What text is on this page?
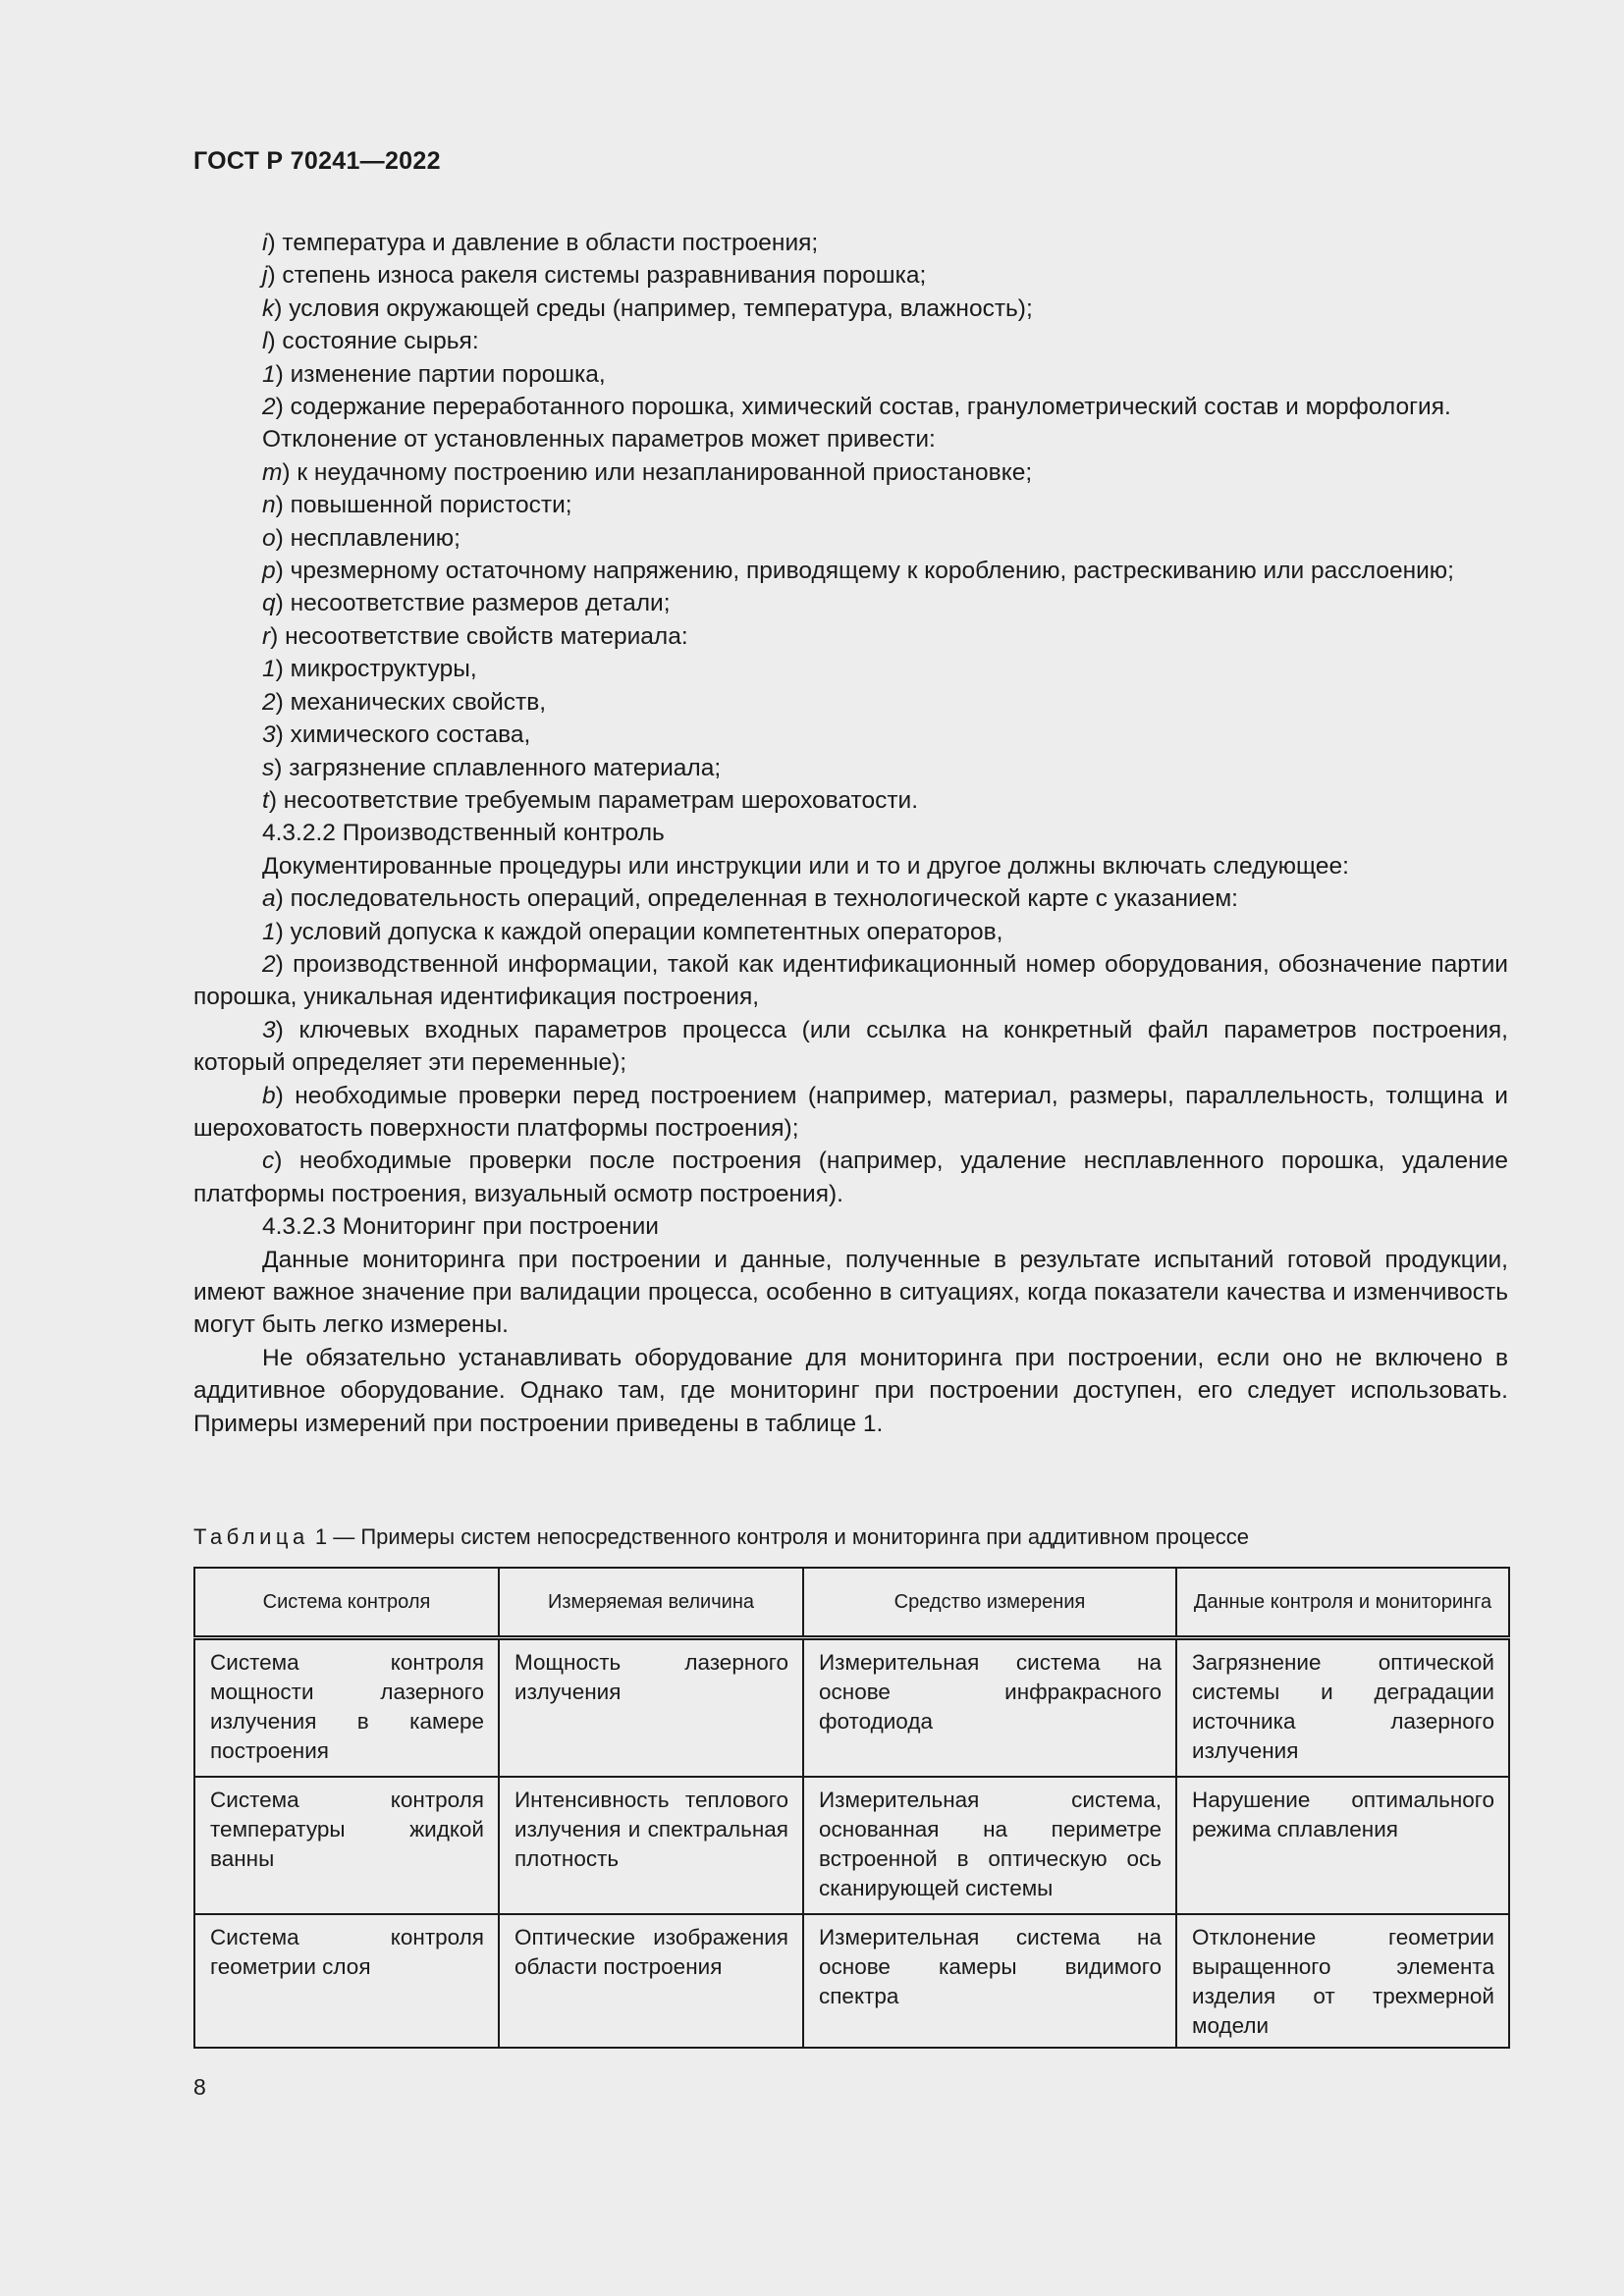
ГОСТ Р 70241—2022

i) температура и давление в области построения;

j) степень износа ракеля системы разравнивания порошка;

k) условия окружающей среды (например, температура, влажность);

l) состояние сырья:

1) изменение партии порошка,

2) содержание переработанного порошка, химический состав, гранулометрический состав и морфология.

Отклонение от установленных параметров может привести:

m) к неудачному построению или незапланированной приостановке;

n) повышенной пористости;

o) несплавлению;

p) чрезмерному остаточному напряжению, приводящему к короблению, растрескиванию или расслоению;

q) несоответствие размеров детали;

r) несоответствие свойств материала:

1) микроструктуры,

2) механических свойств,

3) химического состава,

s) загрязнение сплавленного материала;

t) несоответствие требуемым параметрам шероховатости.

4.3.2.2 Производственный контроль

Документированные процедуры или инструкции или и то и другое должны включать следующее:

a) последовательность операций, определенная в технологической карте с указанием:

1) условий допуска к каждой операции компетентных операторов,

2) производственной информации, такой как идентификационный номер оборудования, обозначение партии порошка, уникальная идентификация построения,

3) ключевых входных параметров процесса (или ссылка на конкретный файл параметров построения, который определяет эти переменные);

b) необходимые проверки перед построением (например, материал, размеры, параллельность, толщина и шероховатость поверхности платформы построения);

c) необходимые проверки после построения (например, удаление несплавленного порошка, удаление платформы построения, визуальный осмотр построения).

4.3.2.3 Мониторинг при построении

Данные мониторинга при построении и данные, полученные в результате испытаний готовой продукции, имеют важное значение при валидации процесса, особенно в ситуациях, когда показатели качества и изменчивость могут быть легко измерены.

Не обязательно устанавливать оборудование для мониторинга при построении, если оно не включено в аддитивное оборудование. Однако там, где мониторинг при построении доступен, его следует использовать. Примеры измерений при построении приведены в таблице 1.

Таблица 1 — Примеры систем непосредственного контроля и мониторинга при аддитивном процессе
Система контроля	Измеряемая величина	Средство измерения	Данные контроля и мониторинга
Система контроля мощности лазерного излучения в камере построения	Мощность лазерного излучения	Измерительная система на основе инфракрасного фотодиода	Загрязнение оптической системы и деградации источника лазерного излучения
Система контроля температуры жидкой ванны	Интенсивность теплового излучения и спектральная плотность	Измерительная система, основанная на периметре встроенной в оптическую ось сканирующей системы	Нарушение оптимального режима сплавления
Система контроля геометрии слоя	Оптические изображения области построения	Измерительная система на основе камеры видимого спектра	Отклонение геометрии выращенного элемента изделия от трехмерной модели
8
